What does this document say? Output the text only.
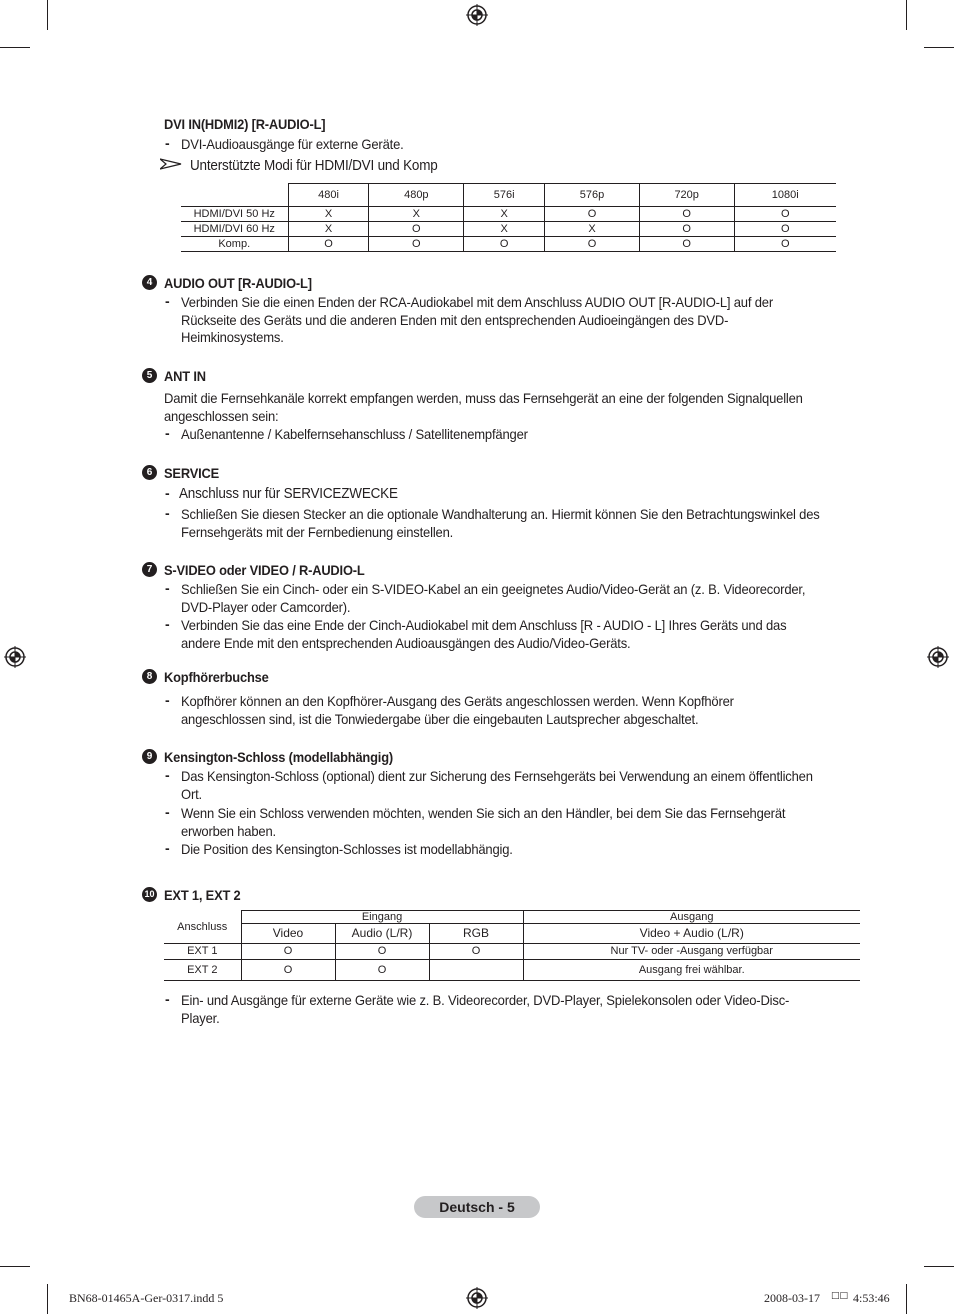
DVI IN(HDMI2) [R-AUDIO-L]
- DVI-Audioausgänge für externe Geräte.
Unterstützte Modi für HDMI/DVI und Komp
	480i	480p	576i	576p	720p	1080i
HDMI/DVI 50 Hz	X	X	X	O	O	O
HDMI/DVI 60 Hz	X	O	X	X	O	O
Komp.	O	O	O	O	O	O
4 AUDIO OUT [R-AUDIO-L]
- Verbinden Sie die einen Enden der RCA-Audiokabel mit dem Anschluss AUDIO OUT [R-AUDIO-L] auf der Rückseite des Geräts und die anderen Enden mit den entsprechenden Audioeingängen des DVD-Heimkinosystems.
5 ANT IN
Damit die Fernsehkanäle korrekt empfangen werden, muss das Fernsehgerät an eine der folgenden Signalquellen angeschlossen sein:
- Außenantenne / Kabelfernsehanschluss / Satellitenempfänger
6 SERVICE
- Anschluss nur für SERVICEZWECKE
- Schließen Sie diesen Stecker an die optionale Wandhalterung an. Hiermit können Sie den Betrachtungswinkel des Fernsehgeräts mit der Fernbedienung einstellen.
7 S-VIDEO oder VIDEO / R-AUDIO-L
- Schließen Sie ein Cinch- oder ein S-VIDEO-Kabel an ein geeignetes Audio/Video-Gerät an (z. B. Videorecorder, DVD-Player oder Camcorder).
- Verbinden Sie das eine Ende der Cinch-Audiokabel mit dem Anschluss [R - AUDIO - L] Ihres Geräts und das andere Ende mit den entsprechenden Audioausgängen des Audio/Video-Geräts.
8 Kopfhörerbuchse
- Kopfhörer können an den Kopfhörer-Ausgang des Geräts angeschlossen werden. Wenn Kopfhörer angeschlossen sind, ist die Tonwiedergabe über die eingebauten Lautsprecher abgeschaltet.
9 Kensington-Schloss (modellabhängig)
- Das Kensington-Schloss (optional) dient zur Sicherung des Fernsehgeräts bei Verwendung an einem öffentlichen Ort.
- Wenn Sie ein Schloss verwenden möchten, wenden Sie sich an den Händler, bei dem Sie das Fernsehgerät erworben haben.
- Die Position des Kensington-Schlosses ist modellabhängig.
10 EXT 1, EXT 2
Anschluss	Eingang			Ausgang
	Video	Audio (L/R)	RGB	Video + Audio (L/R)
EXT 1	O	O	O	Nur TV- oder -Ausgang verfügbar
EXT 2	O	O		Ausgang frei wählbar.
- Ein- und Ausgänge für externe Geräte wie z. B. Videorecorder, DVD-Player, Spielekonsolen oder Video-Disc-Player.
Deutsch - 5
BN68-01465A-Ger-0317.indd 5	2008-03-17 □□ 4:53:46
